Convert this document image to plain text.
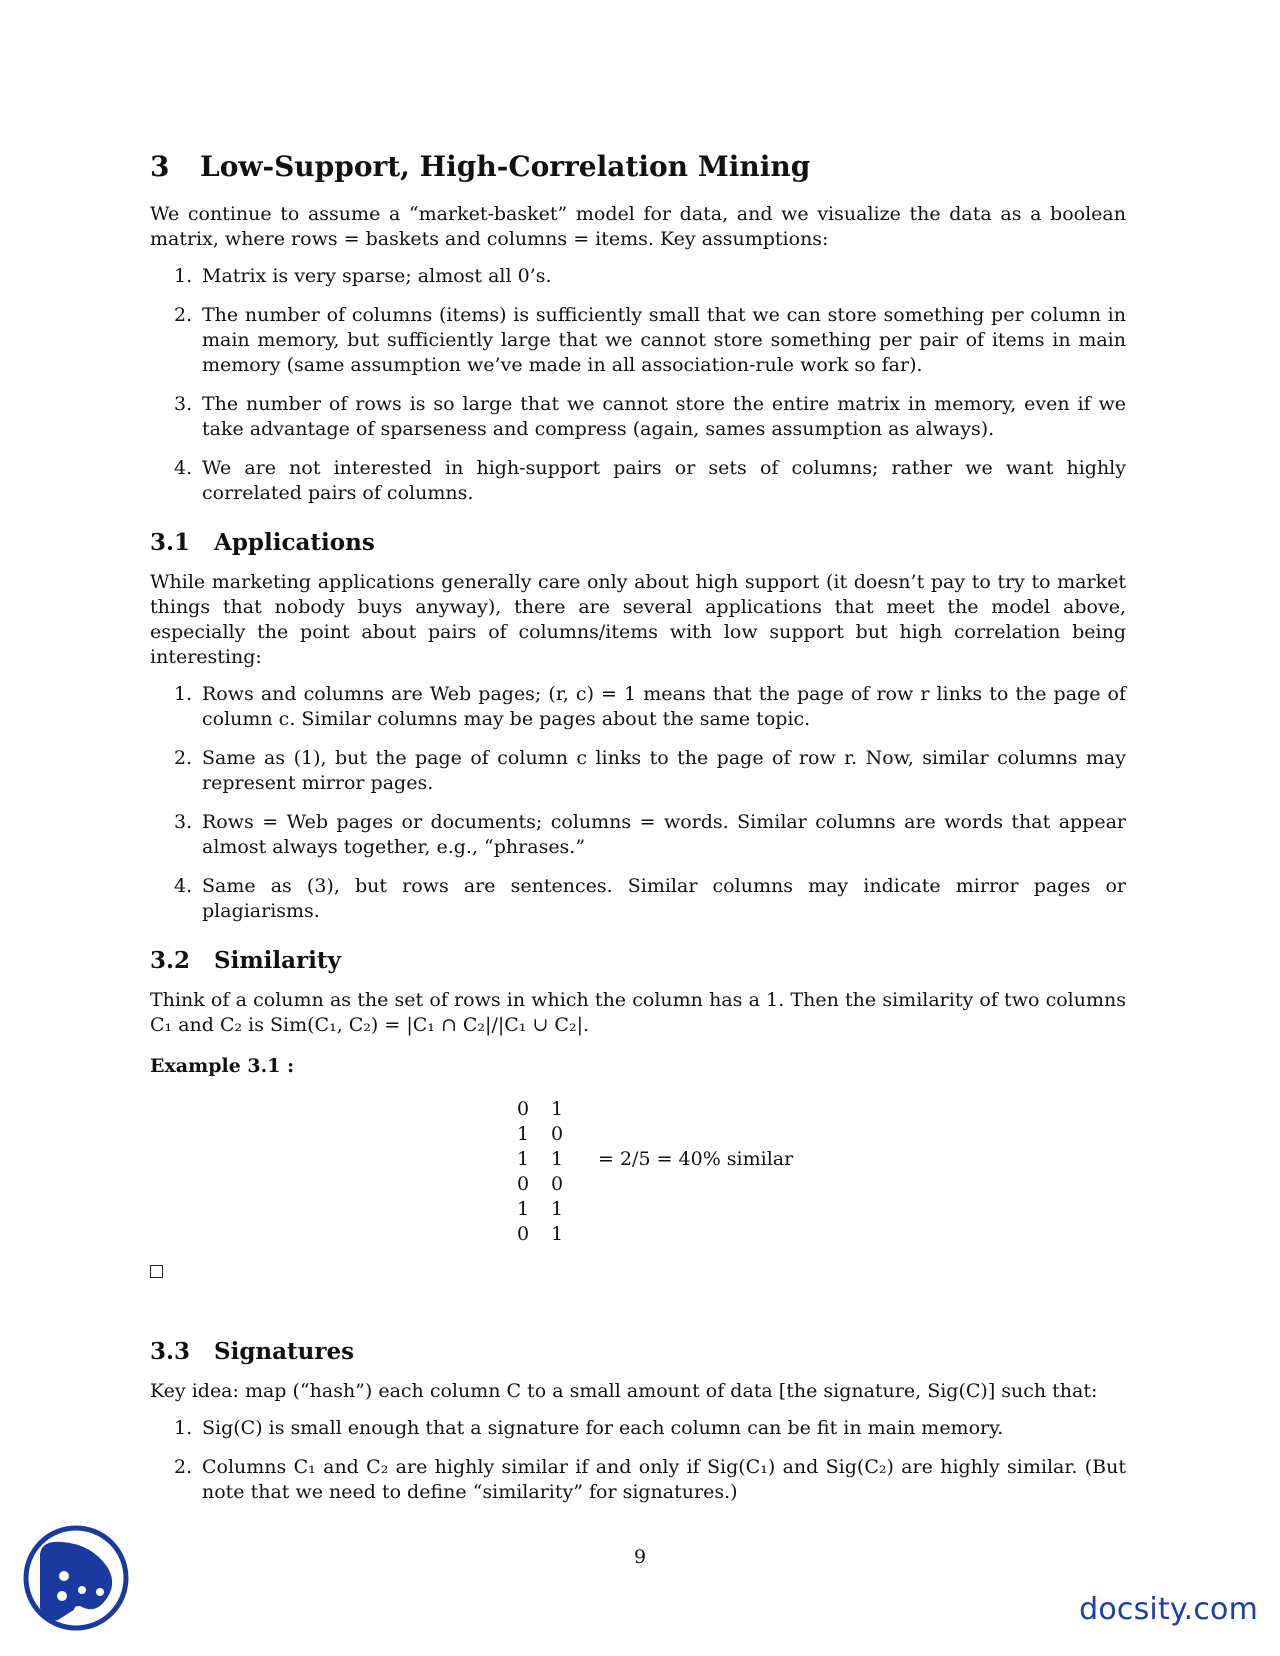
3 Low-Support, High-Correlation Mining

We continue to assume a “market-basket” model for data, and we visualize the data as a boolean matrix, where rows = baskets and columns = items. Key assumptions:

1. Matrix is very sparse; almost all 0’s.
2. The number of columns (items) is sufficiently small that we can store something per column in main memory, but sufficiently large that we cannot store something per pair of items in main memory (same assumption we’ve made in all association-rule work so far).
3. The number of rows is so large that we cannot store the entire matrix in memory, even if we take advantage of sparseness and compress (again, sames assumption as always).
4. We are not interested in high-support pairs or sets of columns; rather we want highly correlated pairs of columns.
3.1 Applications

While marketing applications generally care only about high support (it doesn’t pay to try to market things that nobody buys anyway), there are several applications that meet the model above, especially the point about pairs of columns/items with low support but high correlation being interesting:

1. Rows and columns are Web pages; (r, c) = 1 means that the page of row r links to the page of column c. Similar columns may be pages about the same topic.
2. Same as (1), but the page of column c links to the page of row r. Now, similar columns may represent mirror pages.
3. Rows = Web pages or documents; columns = words. Similar columns are words that appear almost always together, e.g., “phrases.”
4. Same as (3), but rows are sentences. Similar columns may indicate mirror pages or plagiarisms.
3.2 Similarity

Think of a column as the set of rows in which the column has a 1. Then the similarity of two columns C₁ and C₂ is Sim(C₁, C₂) = |C₁ ∩ C₂|/|C₁ ∪ C₂|.

Example 3.1 :
0 1
1 0
1 1
0 0
1 1
0 1
= 2/5 = 40% similar
3.3 Signatures

Key idea: map (“hash”) each column C to a small amount of data [the signature, Sig(C)] such that:

1. Sig(C) is small enough that a signature for each column can be fit in main memory.
2. Columns C₁ and C₂ are highly similar if and only if Sig(C₁) and Sig(C₂) are highly similar. (But note that we need to define “similarity” for signatures.)
9
docsity.com
